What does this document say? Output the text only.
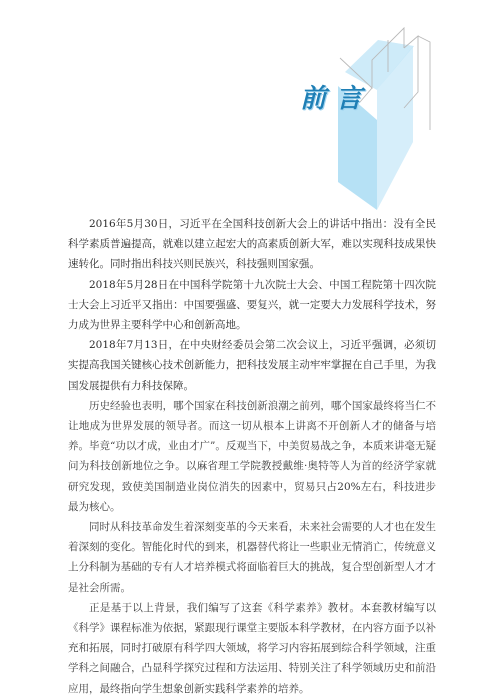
前言

2016年5月30日，习近平在全国科技创新大会上的讲话中指出：没有全民科学素质普遍提高，就难以建立起宏大的高素质创新大军，难以实现科技成果快速转化。同时指出科技兴则民族兴，科技强则国家强。

2018年5月28日在中国科学院第十九次院士大会、中国工程院第十四次院士大会上习近平又指出：中国要强盛、要复兴，就一定要大力发展科学技术，努力成为世界主要科学中心和创新高地。

2018年7月13日，在中央财经委员会第二次会议上，习近平强调，必须切实提高我国关键核心技术创新能力，把科技发展主动牢牢掌握在自己手里，为我国发展提供有力科技保障。

历史经验也表明，哪个国家在科技创新浪潮之前列，哪个国家最终将当仁不让地成为世界发展的领导者。而这一切从根本上讲离不开创新人才的储备与培养。毕竟“功以才成，业由才广”。反观当下，中美贸易战之争，本质来讲毫无疑问为科技创新地位之争。以麻省理工学院教授戴维·奥特等人为首的经济学家就研究发现，致使美国制造业岗位消失的因素中，贸易只占20%左右，科技进步最为核心。

同时从科技革命发生着深刻变革的今天来看，未来社会需要的人才也在发生着深刻的变化。智能化时代的到来，机器替代将让一些职业无情消亡，传统意义上分科制为基础的专有人才培养模式将面临着巨大的挑战，复合型创新型人才才是社会所需。

正是基于以上背景，我们编写了这套《科学素养》教材。本套教材编写以《科学》课程标准为依据，紧跟现行课堂主要版本科学教材，在内容方面予以补充和拓展，同时打破原有科学四大领域，将学习内容拓展到综合科学领域，注重学科之间融合，凸显科学探究过程和方法运用、特别关注了科学领域历史和前沿应用，最终指向学生想象创新实践科学素养的培养。
